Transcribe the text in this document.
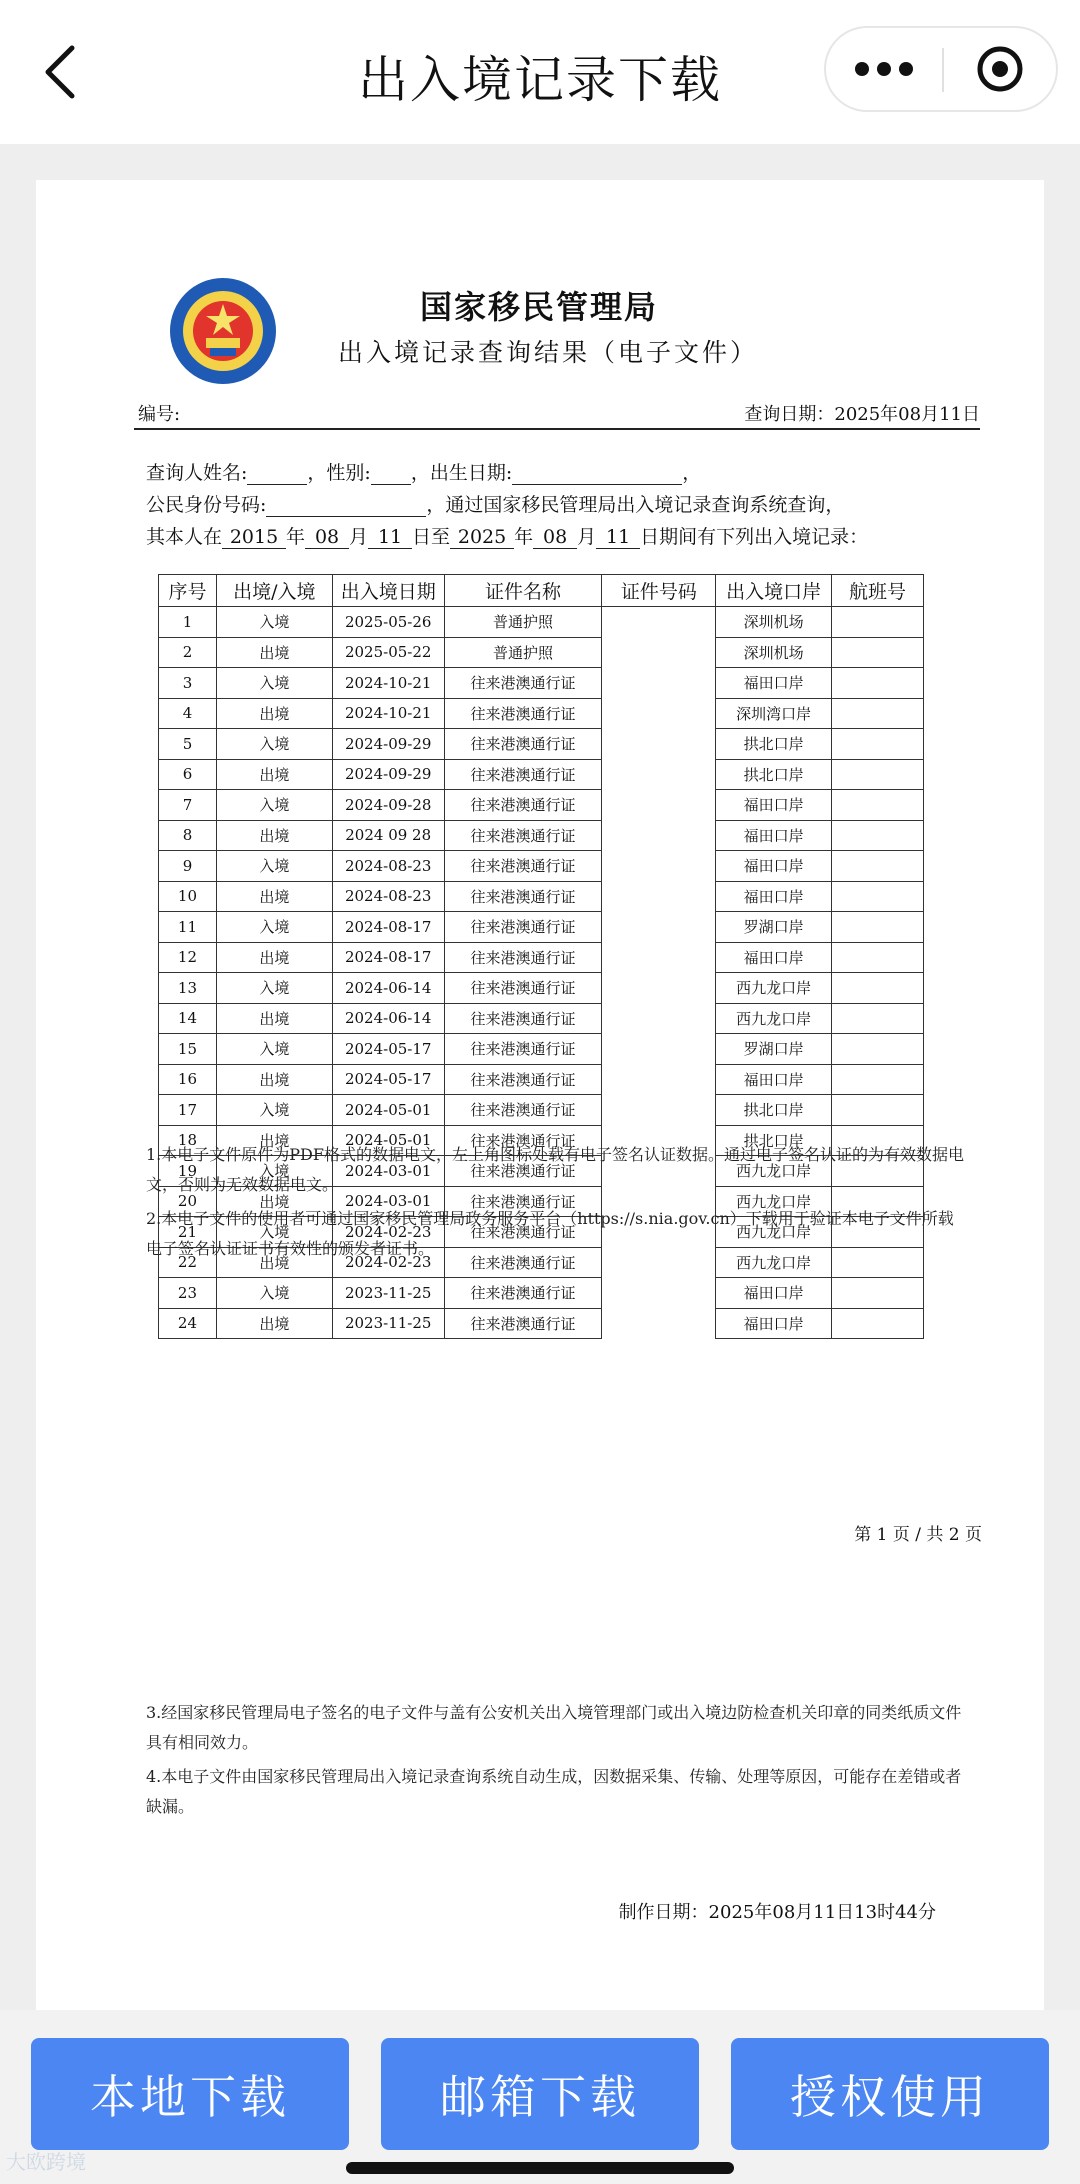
出入境记录下载
国家移民管理局
出入境记录查询结果（电子文件）
编号:	查询日期：2025年08月11日
查询人姓名:	，性别: ，出生日期:	，
公民身份号码:	，通过国家移民管理局出入境记录查询系统查询，
其本人在 2015 年 08 月 11 日至 2025 年 08 月 11 日期间有下列出入境记录：
序号	出境/入境	出入境日期	证件名称	证件号码	出入境口岸	航班号
1	入境	2025-05-26	普通护照		深圳机场	
2	出境	2025-05-22	普通护照		深圳机场	
3	入境	2024-10-21	往来港澳通行证		福田口岸	
4	出境	2024-10-21	往来港澳通行证		深圳湾口岸	
5	入境	2024-09-29	往来港澳通行证		拱北口岸	
6	出境	2024-09-29	往来港澳通行证		拱北口岸	
7	入境	2024-09-28	往来港澳通行证		福田口岸	
8	出境	2024 09 28	往来港澳通行证		福田口岸	
9	入境	2024-08-23	往来港澳通行证		福田口岸	
10	出境	2024-08-23	往来港澳通行证		福田口岸	
11	入境	2024-08-17	往来港澳通行证		罗湖口岸	
12	出境	2024-08-17	往来港澳通行证		福田口岸	
13	入境	2024-06-14	往来港澳通行证		西九龙口岸	
14	出境	2024-06-14	往来港澳通行证		西九龙口岸	
15	入境	2024-05-17	往来港澳通行证		罗湖口岸	
16	出境	2024-05-17	往来港澳通行证		福田口岸	
17	入境	2024-05-01	往来港澳通行证		拱北口岸	
18	出境	2024-05-01	往来港澳通行证		拱北口岸	
19	入境	2024-03-01	往来港澳通行证		西九龙口岸	
20	出境	2024-03-01	往来港澳通行证		西九龙口岸	
21	入境	2024-02-23	往来港澳通行证		西九龙口岸	
22	出境	2024-02-23	往来港澳通行证		西九龙口岸	
23	入境	2023-11-25	往来港澳通行证		福田口岸	
24	出境	2023-11-25	往来港澳通行证		福田口岸	
1.本电子文件原件为PDF格式的数据电文，左上角图标处载有电子签名认证数据。通过电子签名认证的为有效数据电文，否则为无效数据电文。
2.本电子文件的使用者可通过国家移民管理局政务服务平台（https://s.nia.gov.cn）下载用于验证本电子文件所载电子签名认证证书有效性的颁发者证书。
第 1 页 / 共 2 页
3.经国家移民管理局电子签名的电子文件与盖有公安机关出入境管理部门或出入境边防检查机关印章的同类纸质文件具有相同效力。
4.本电子文件由国家移民管理局出入境记录查询系统自动生成，因数据采集、传输、处理等原因，可能存在差错或者缺漏。
制作日期：2025年08月11日13时44分
本地下载	邮箱下载	授权使用
大欧跨境
